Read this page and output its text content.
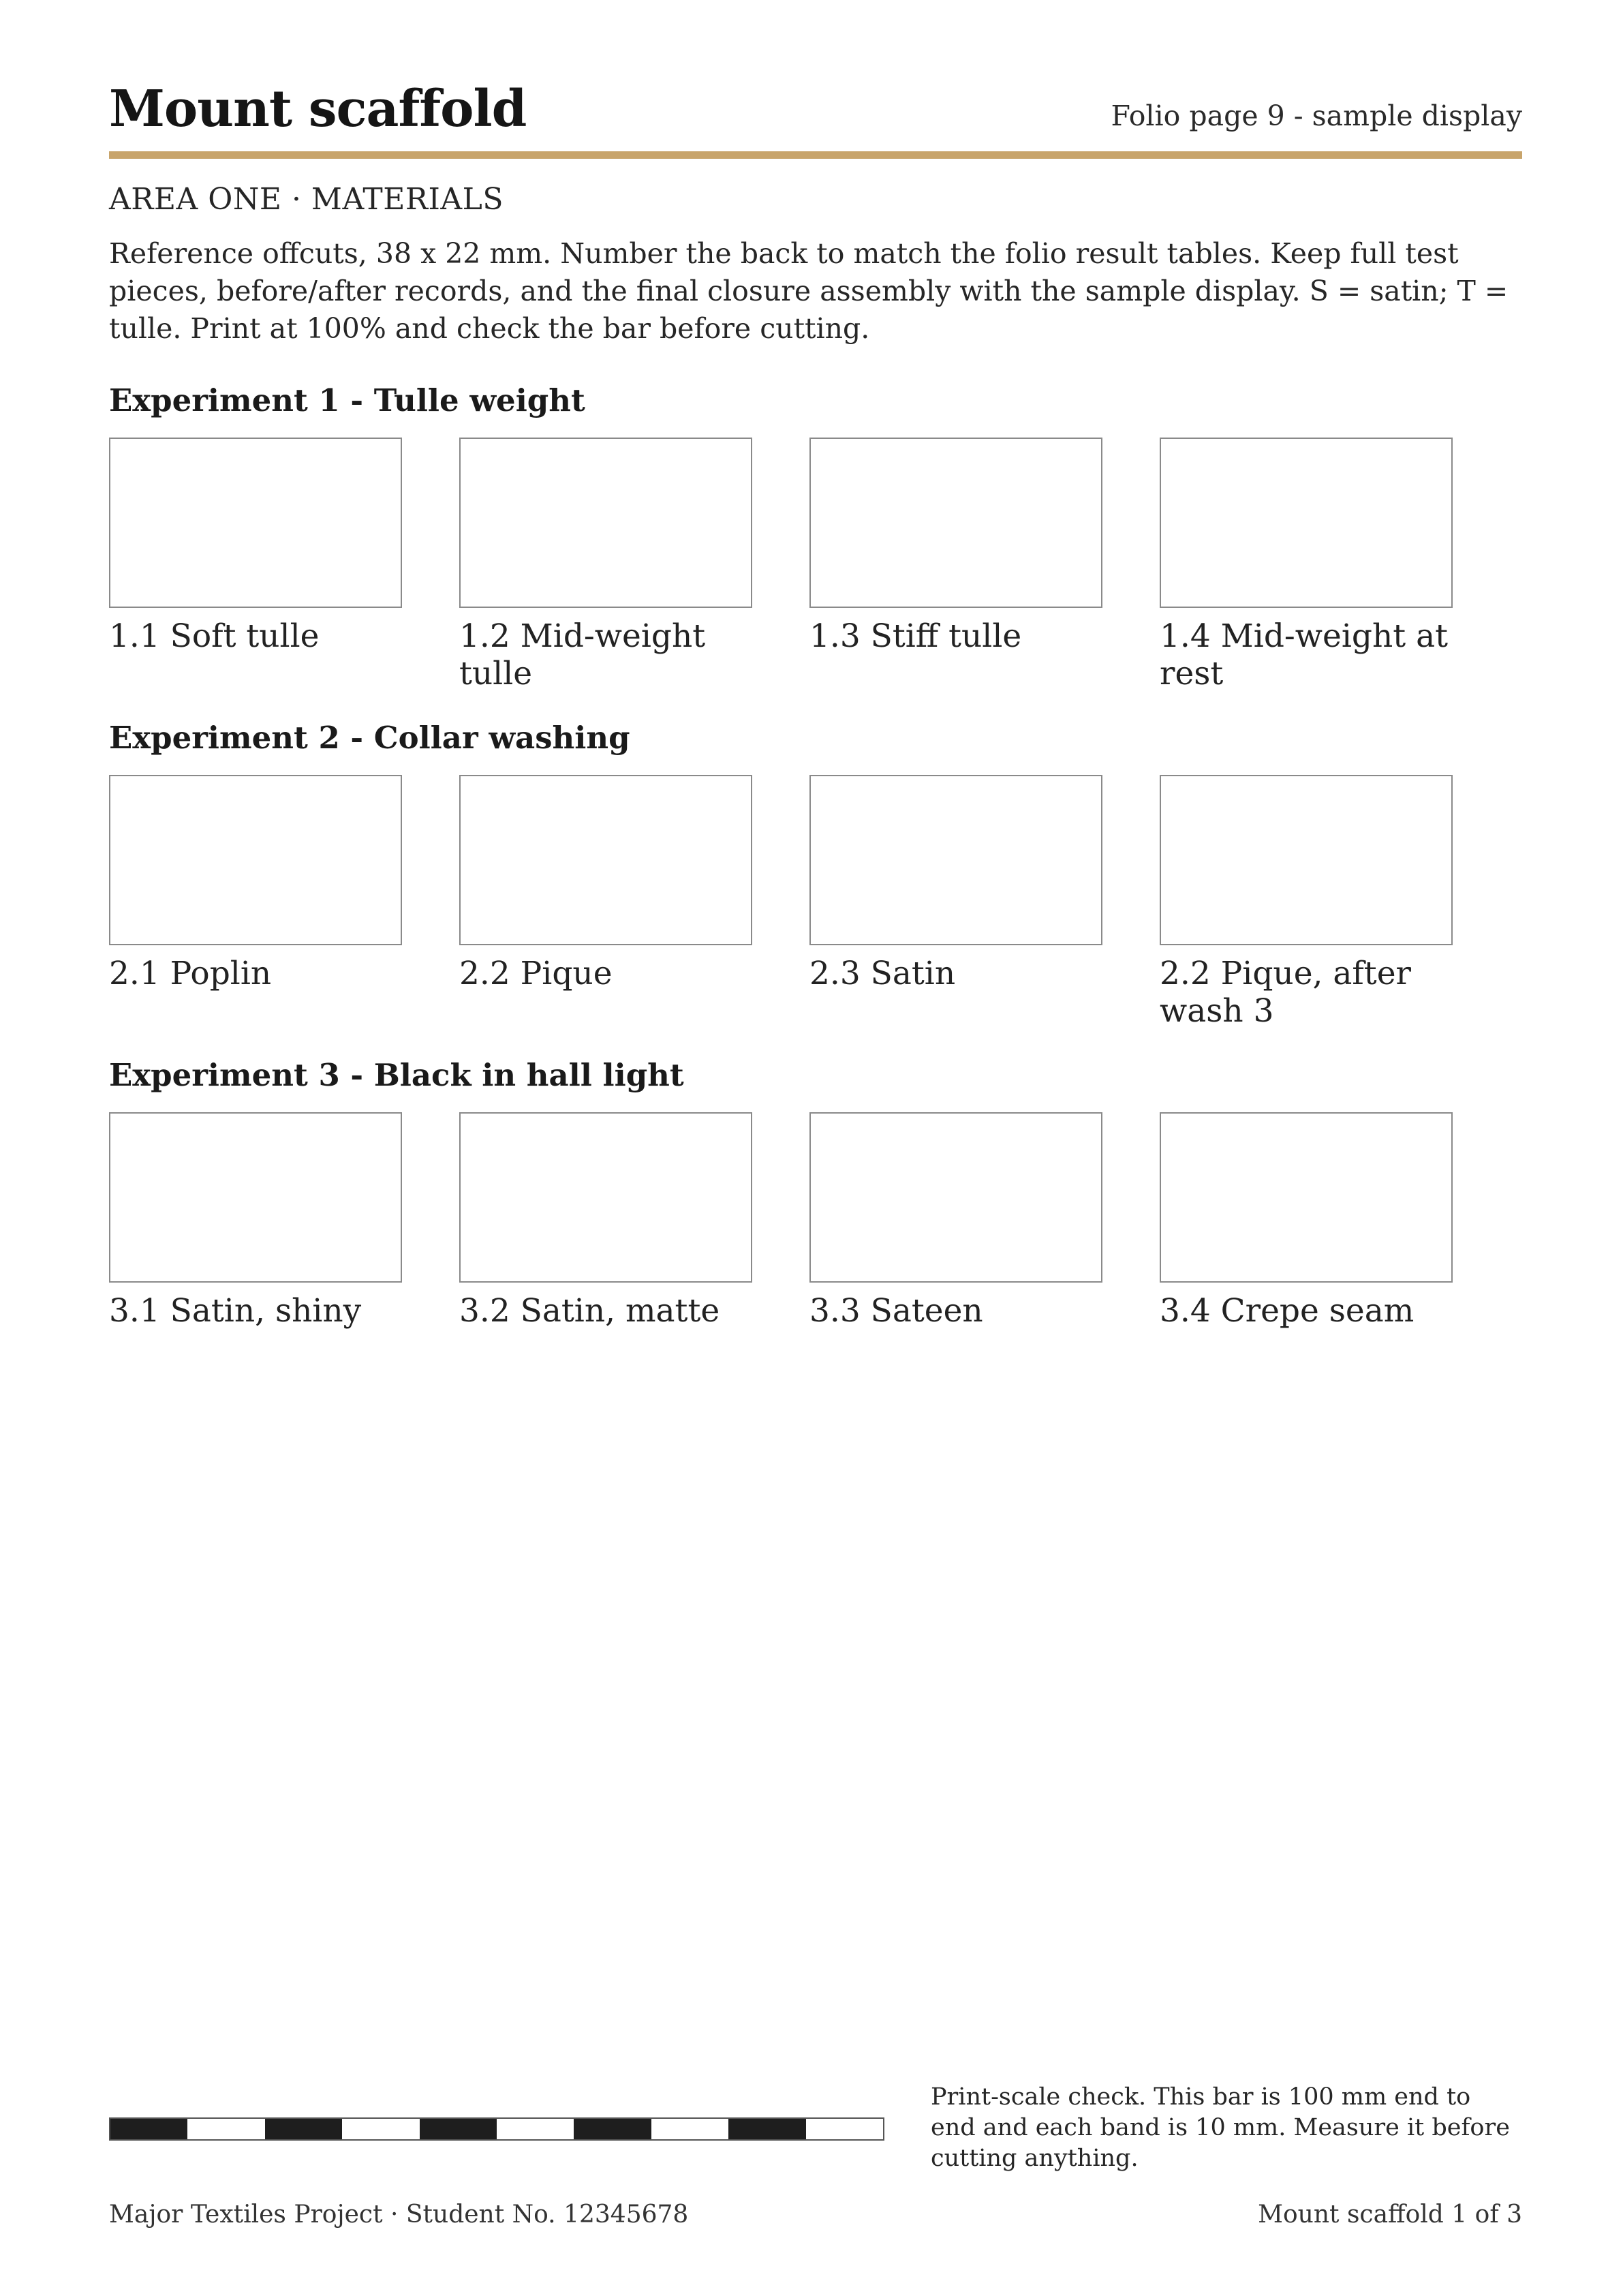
Mount scaffold	Folio page 9 - sample display
AREA ONE · MATERIALS
Reference offcuts, 38 x 22 mm. Number the back to match the folio result tables. Keep full test pieces, before/after records, and the final closure assembly with the sample display. S = satin; T = tulle. Print at 100% and check the bar before cutting.
Experiment 1 - Tulle weight
1.1 Soft tulle	1.2 Mid-weight tulle
1.3 Stiff tulle	1.4 Mid-weight at rest
Experiment 2 - Collar washing
2.1 Poplin	2.2 Pique	2.3 Satin	2.2 Pique, after wash 3
Experiment 3 - Black in hall light
3.1 Satin, shiny	3.2 Satin, matte	3.3 Sateen	3.4 Crepe seam
Print-scale check. This bar is 100 mm end to end and each band is 10 mm. Measure it before cutting anything.
Major Textiles Project · Student No. 12345678	Mount scaffold 1 of 3
